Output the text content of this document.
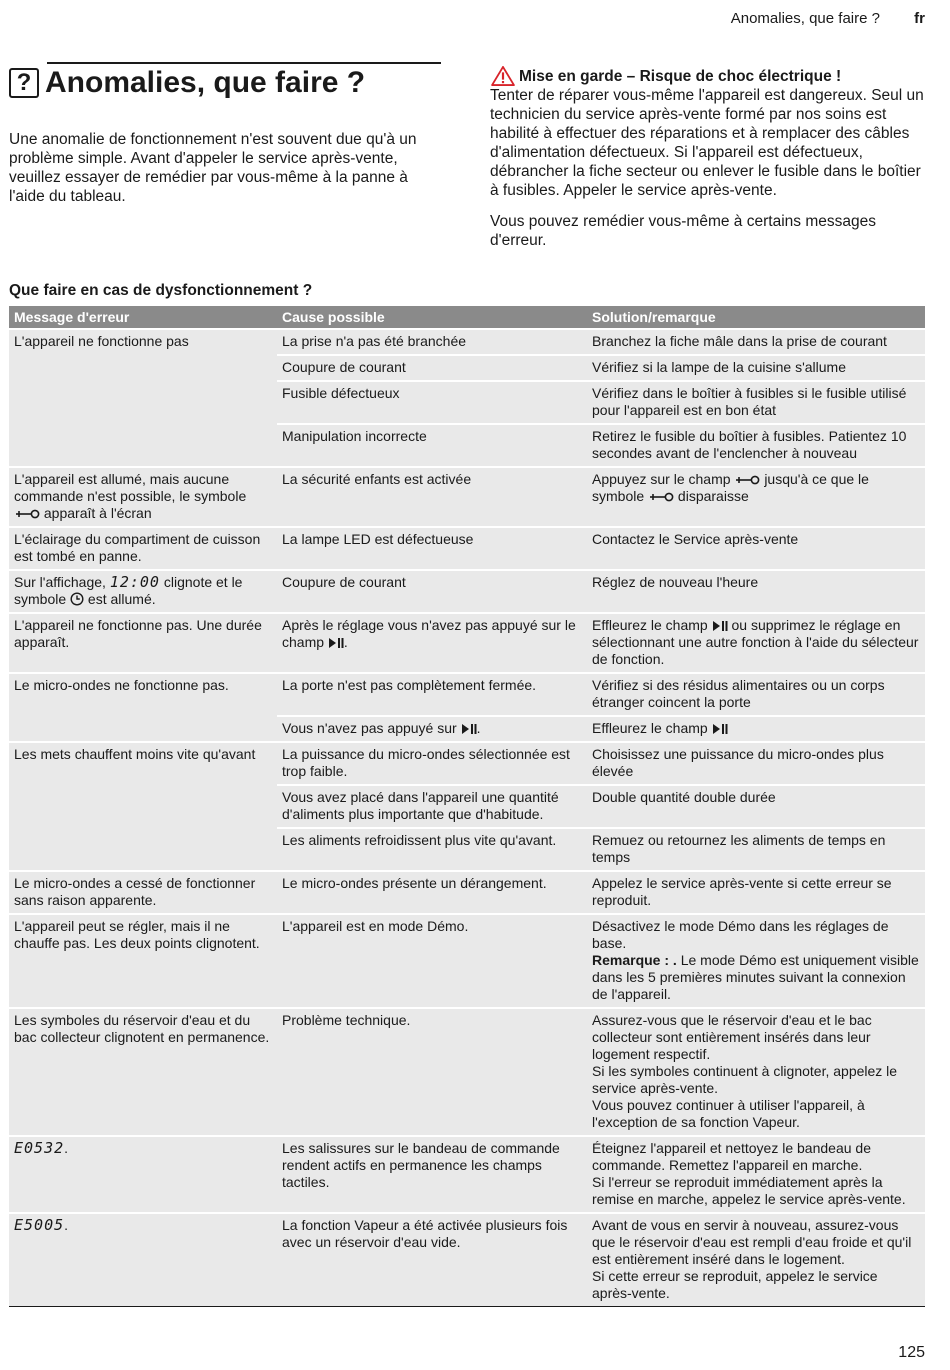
Anomalies, que faire ? fr
? Anomalies, que faire ?
Une anomalie de fonctionnement n'est souvent due qu'à un problème simple. Avant d'appeler le service après-vente, veuillez essayer de remédier par vous-même à la panne à l'aide du tableau.
Mise en garde – Risque de choc électrique !

Tenter de réparer vous-même l'appareil est dangereux. Seul un technicien du service après-vente formé par nos soins est habilité à effectuer des réparations et à remplacer des câbles d'alimentation défectueux. Si l'appareil est défectueux, débrancher la fiche secteur ou enlever le fusible dans le boîtier à fusibles. Appeler le service après-vente.

Vous pouvez remédier vous-même à certains messages d'erreur.

Que faire en cas de dysfonctionnement ?
Message d'erreur	Cause possible	Solution/remarque
L'appareil ne fonctionne pas	La prise n'a pas été branchée	Branchez la fiche mâle dans la prise de courant
	Coupure de courant	Vérifiez si la lampe de la cuisine s'allume
	Fusible défectueux	Vérifiez dans le boîtier à fusibles si le fusible utilisé pour l'appareil est en bon état
	Manipulation incorrecte	Retirez le fusible du boîtier à fusibles. Patientez 10 secondes avant de l'enclencher à nouveau
L'appareil est allumé, mais aucune commande n'est possible, le symbole  apparaît à l'écran	La sécurité enfants est activée	Appuyez sur le champ jusqu'à ce que le symbole disparaisse
L'éclairage du compartiment de cuisson est tombé en panne.	La lampe LED est défectueuse	Contactez le Service après-vente
Sur l'affichage, 12:00 clignote et le symbole est allumé.	Coupure de courant	Réglez de nouveau l'heure
L'appareil ne fonctionne pas. Une durée apparaît.	Après le réglage vous n'avez pas appuyé sur le champ .	Effleurez le champ ou supprimez le réglage en sélectionnant une autre fonction à l'aide du sélecteur de fonction.
Le micro-ondes ne fonctionne pas.	La porte n'est pas complètement fermée.	Vérifiez si des résidus alimentaires ou un corps étranger coincent la porte
	Vous n'avez pas appuyé sur .	Effleurez le champ
Les mets chauffent moins vite qu'avant	La puissance du micro-ondes sélectionnée est trop faible.	Choisissez une puissance du micro-ondes plus élevée
	Vous avez placé dans l'appareil une quantité d'aliments plus importante que d'habitude.	Double quantité double durée
	Les aliments refroidissent plus vite qu'avant.	Remuez ou retournez les aliments de temps en temps
Le micro-ondes a cessé de fonctionner sans raison apparente.	Le micro-ondes présente un dérangement.	Appelez le service après-vente si cette erreur se reproduit.
L'appareil peut se régler, mais il ne chauffe pas. Les deux points clignotent.	L'appareil est en mode Démo.	Désactivez le mode Démo dans les réglages de base.
Remarque : . Le mode Démo est uniquement visible dans les 5 premières minutes suivant la connexion de l'appareil.

Les symboles du réservoir d'eau et du bac collecteur clignotent en permanence.	Problème technique.	Assurez-vous que le réservoir d'eau et le bac collecteur sont entièrement insérés dans leur logement respectif.
Si les symboles continuent à clignoter, appelez le service après-vente.
Vous pouvez continuer à utiliser l'appareil, à l'exception de sa fonction Vapeur.

E0532.	Les salissures sur le bandeau de commande rendent actifs en permanence les champs tactiles.	Éteignez l'appareil et nettoyez le bandeau de commande. Remettez l'appareil en marche.
Si l'erreur se reproduit immédiatement après la remise en marche, appelez le service après-vente.

E5005.	La fonction Vapeur a été activée plusieurs fois avec un réservoir d'eau vide.	Avant de vous en servir à nouveau, assurez-vous que le réservoir d'eau est rempli d'eau froide et qu'il est entièrement inséré dans le logement.
Si cette erreur se reproduit, appelez le service après-vente.
125
